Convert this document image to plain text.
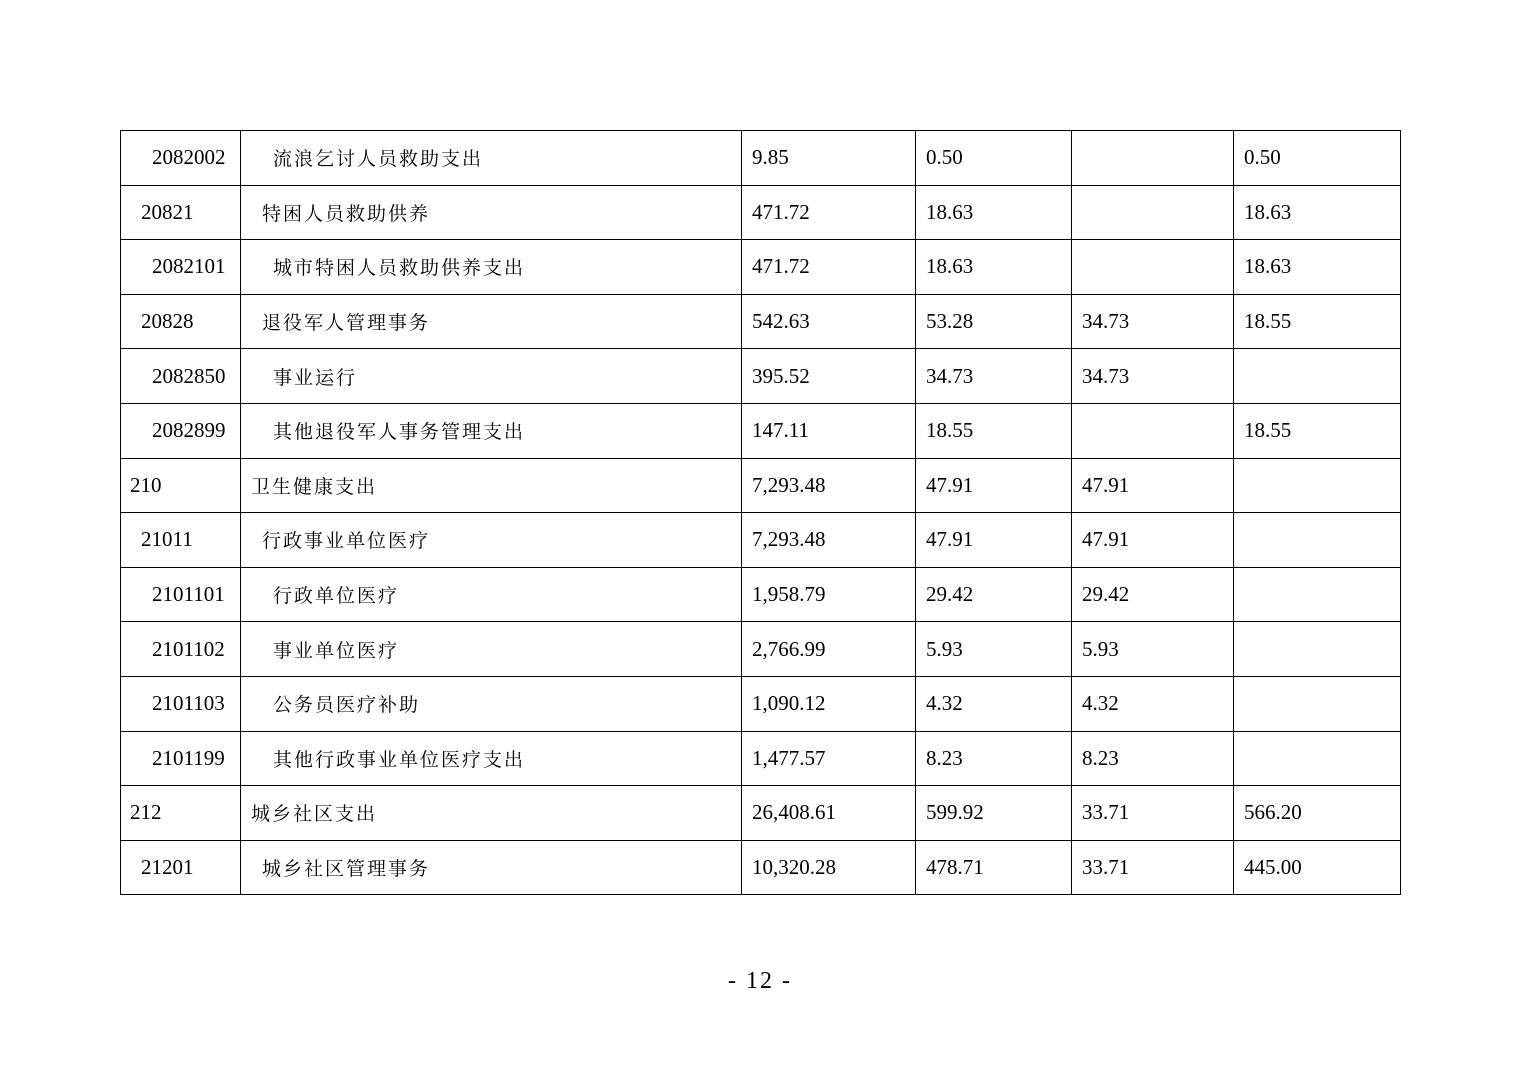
2082002	流浪乞讨人员救助支出	9.85	0.50		0.50
20821	特困人员救助供养	471.72	18.63		18.63
2082101	城市特困人员救助供养支出	471.72	18.63		18.63
20828	退役军人管理事务	542.63	53.28	34.73	18.55
2082850	事业运行	395.52	34.73	34.73	
2082899	其他退役军人事务管理支出	147.11	18.55		18.55
210	卫生健康支出	7,293.48	47.91	47.91	
21011	行政事业单位医疗	7,293.48	47.91	47.91	
2101101	行政单位医疗	1,958.79	29.42	29.42	
2101102	事业单位医疗	2,766.99	5.93	5.93	
2101103	公务员医疗补助	1,090.12	4.32	4.32	
2101199	其他行政事业单位医疗支出	1,477.57	8.23	8.23	
212	城乡社区支出	26,408.61	599.92	33.71	566.20
21201	城乡社区管理事务	10,320.28	478.71	33.71	445.00
- 12 -
